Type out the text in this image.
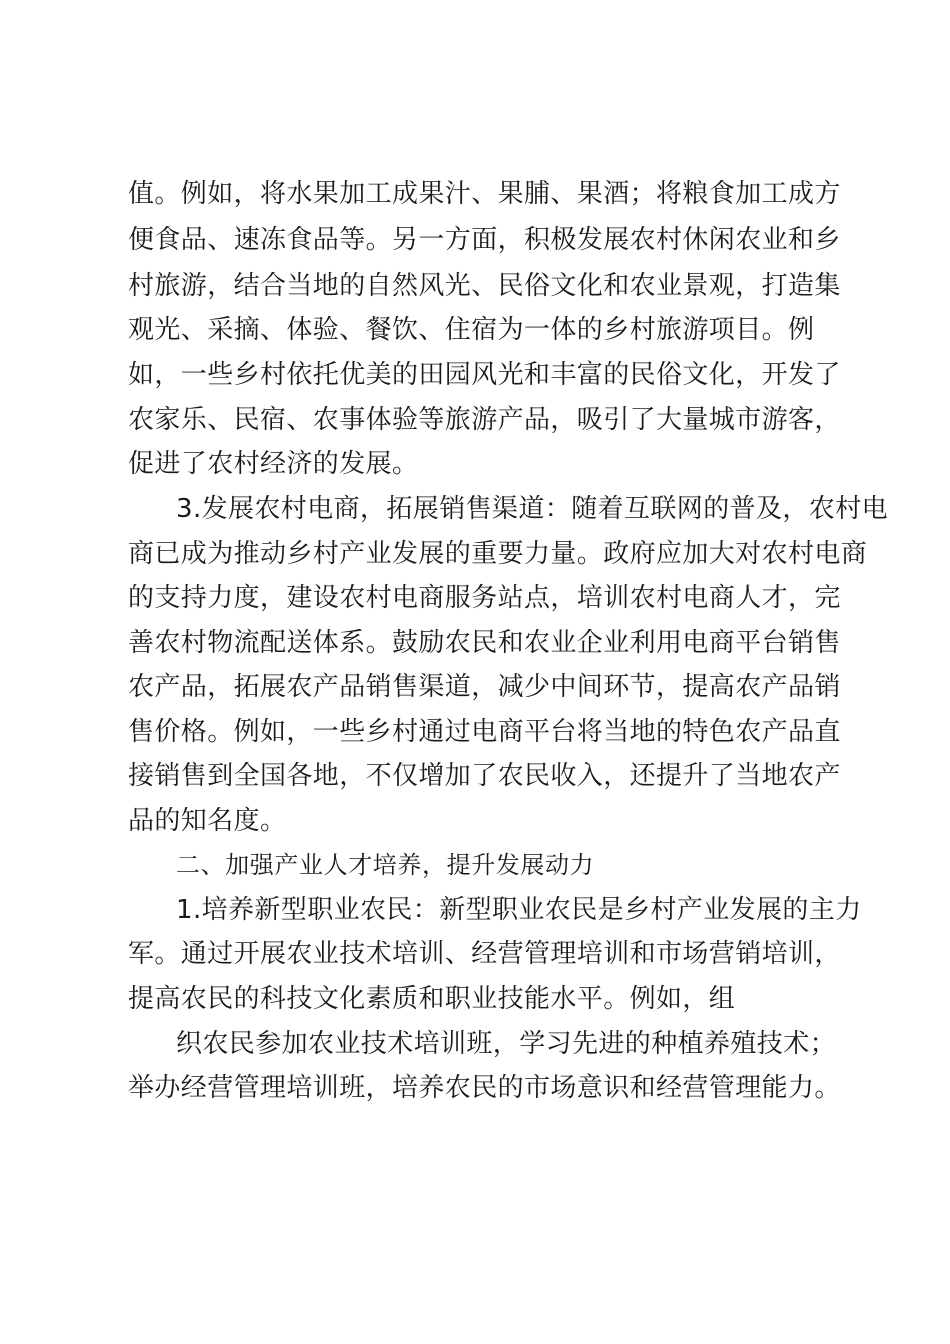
值。例如，将水果加工成果汁、果脯、果酒；将粮食加工成方
便食品、速冻食品等。另一方面，积极发展农村休闲农业和乡
村旅游，结合当地的自然风光、民俗文化和农业景观，打造集
观光、采摘、体验、餐饮、住宿为一体的乡村旅游项目。例
如，一些乡村依托优美的田园风光和丰富的民俗文化，开发了
农家乐、民宿、农事体验等旅游产品，吸引了大量城市游客，
促进了农村经济的发展。
3.发展农村电商，拓展销售渠道：随着互联网的普及，农村电
商已成为推动乡村产业发展的重要力量。政府应加大对农村电商
的支持力度，建设农村电商服务站点，培训农村电商人才，完
善农村物流配送体系。鼓励农民和农业企业利用电商平台销售
农产品，拓展农产品销售渠道，减少中间环节，提高农产品销
售价格。例如，一些乡村通过电商平台将当地的特色农产品直
接销售到全国各地，不仅增加了农民收入，还提升了当地农产
品的知名度。
二、加强产业人才培养，提升发展动力
1.培养新型职业农民：新型职业农民是乡村产业发展的主力
军。通过开展农业技术培训、经营管理培训和市场营销培训，
提高农民的科技文化素质和职业技能水平。例如，组
织农民参加农业技术培训班，学习先进的种植养殖技术；
举办经营管理培训班，培养农民的市场意识和经营管理能力。
